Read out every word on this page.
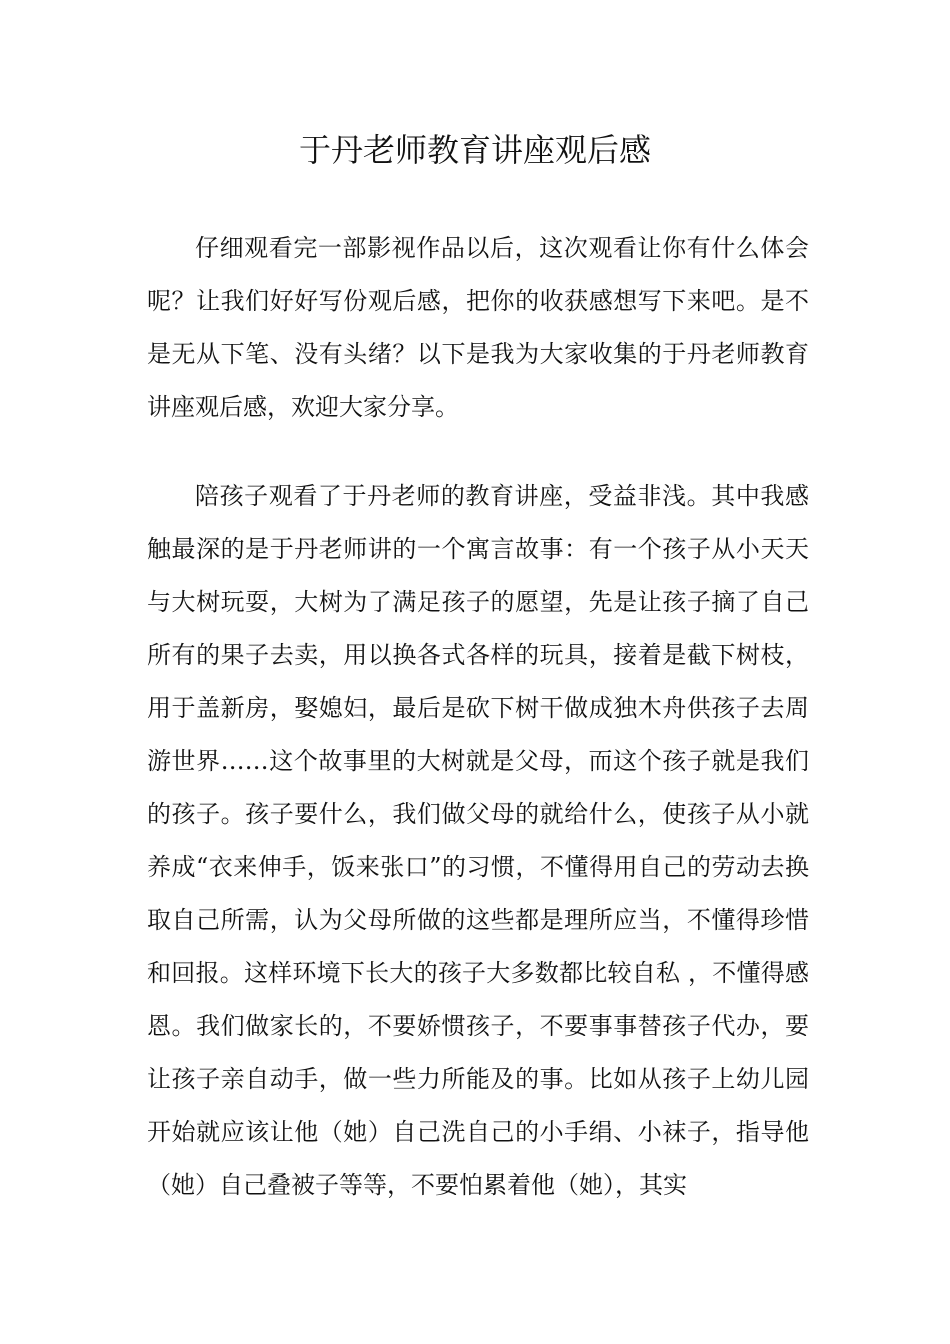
于丹老师教育讲座观后感

仔细观看完一部影视作品以后，这次观看让你有什么体会呢？让我们好好写份观后感，把你的收获感想写下来吧。是不是无从下笔、没有头绪？以下是我为大家收集的于丹老师教育讲座观后感，欢迎大家分享。

陪孩子观看了于丹老师的教育讲座，受益非浅。其中我感触最深的是于丹老师讲的一个寓言故事：有一个孩子从小天天与大树玩耍，大树为了满足孩子的愿望，先是让孩子摘了自己所有的果子去卖，用以换各式各样的玩具，接着是截下树枝，用于盖新房，娶媳妇，最后是砍下树干做成独木舟供孩子去周游世界……这个故事里的大树就是父母，而这个孩子就是我们的孩子。孩子要什么，我们做父母的就给什么，使孩子从小就养成“衣来伸手，饭来张口”的习惯，不懂得用自己的劳动去换取自己所需，认为父母所做的这些都是理所应当，不懂得珍惜和回报。这样环境下长大的孩子大多数都比较自私 ，不懂得感恩。我们做家长的，不要娇惯孩子，不要事事替孩子代办，要让孩子亲自动手，做一些力所能及的事。比如从孩子上幼儿园开始就应该让他（她）自己洗自己的小手绢、小袜子，指导他（她）自己叠被子等等，不要怕累着他（她），其实
